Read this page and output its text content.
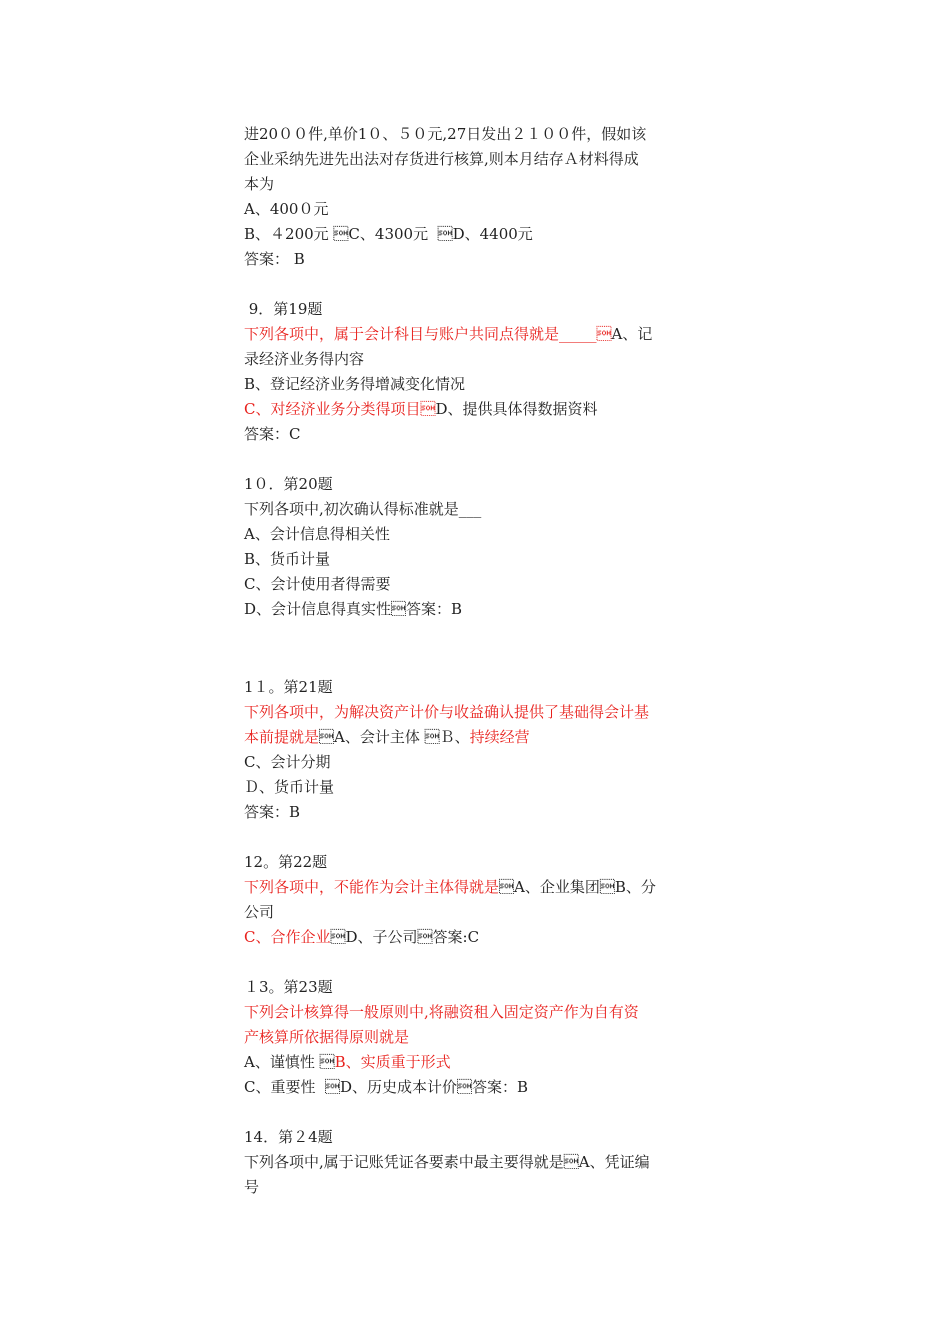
进20００件,单价1０、５０元,27日发出２１００件，假如该
企业采纳先进先出法对存货进行核算,则本月结存Ａ材料得成
本为
A、400０元
B、４200元 C、4300元  D、4400元
答案： B
9．第19题
下列各项中，属于会计科目与账户共同点得就是_____A、记
录经济业务得内容
B、登记经济业务得增减变化情况
C、对经济业务分类得项目D、提供具体得数据资料
答案：C
1０．第20题
下列各项中,初次确认得标准就是___
A、会计信息得相关性
B、货币计量
C、会计使用者得需要
D、会计信息得真实性答案：B
1１。第21题
下列各项中，为解决资产计价与收益确认提供了基础得会计基
本前提就是A、会计主体 Ｂ、持续经营
C、会计分期
Ｄ、货币计量
答案：B
12。第22题
下列各项中，不能作为会计主体得就是A、企业集团B、分
公司
C、合作企业D、子公司答案:C
１3。第23题
下列会计核算得一般原则中,将融资租入固定资产作为自有资
产核算所依据得原则就是
A、谨慎性 B、实质重于形式
C、重要性  D、历史成本计价答案：B
14．第２4题
下列各项中,属于记账凭证各要素中最主要得就是A、凭证编
号
